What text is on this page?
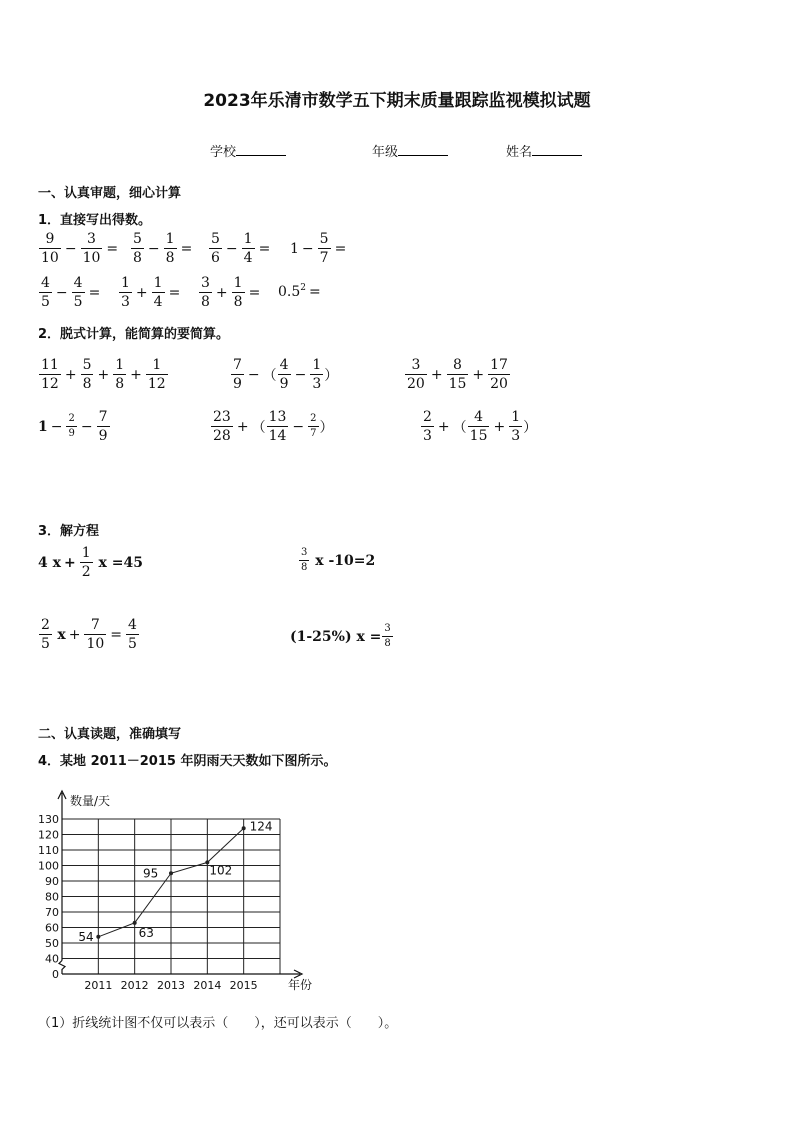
2023年乐清市数学五下期末质量跟踪监视模拟试题
学校	年级	姓名
一、认真审题，细心计算
1．直接写出得数。
$\frac{9}{10} - \frac{3}{10} = \frac{5}{8} - \frac{1}{8} = \frac{5}{6} - \frac{1}{4} = 1 - \frac{5}{7}$ =
$\frac{4}{5} - \frac{4}{5} = \frac{1}{3} + \frac{1}{4} = \frac{3}{8} + \frac{1}{8} = 0.5^2$ =
2．脱式计算，能简算的要简算。
$\frac{11}{12} + \frac{5}{8} + \frac{1}{8} + \frac{1}{12}$	$\frac{7}{9}$ − （ $\frac{4}{9} - \frac{1}{3}$ ）	$\frac{3}{20} + \frac{8}{15} + \frac{17}{20}$
$1 - \frac{2}{9} - \frac{7}{9}$	$\frac{23}{28}$ + （ $\frac{13}{14} - \frac{2}{7}$ ）	$\frac{2}{3}$ + （ $\frac{4}{15} + \frac{1}{3}$ ）
3．解方程
4
$x + \frac{1}{2}$
x =45	$\frac{3}{8}$
x -10=2
$\frac{2}{5}$
$x + \frac{7}{10} = \frac{4}{5}$	(1-25%) $x = \frac{3}{8}$
二、认真读题，准确填写
4．某地 2011－2015 年阴雨天天数如下图所示。
0
40
50
60
70
80
90
100
110
120
130
2011 2012 2013 2014 2015
54	63
95	102
124
数量/天
年份
（1）折线统计图不仅可以表示（　　），还可以表示（　　）。
